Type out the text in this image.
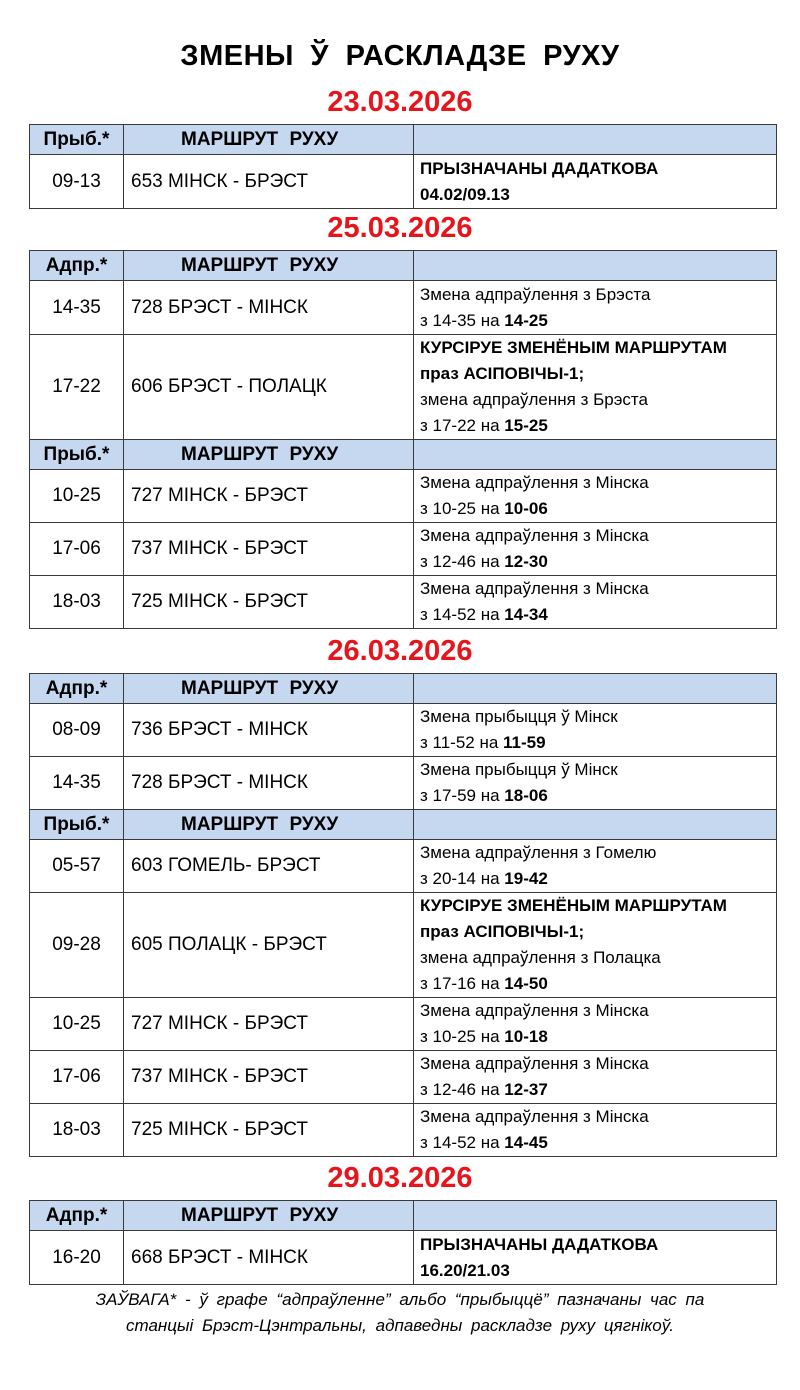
ЗМЕНЫ Ў РАСКЛАДЗЕ РУХУ
23.03.2026
Прыб.*	МАРШРУТ РУХУ	
09-13	653 МІНСК - БРЭСТ	ПРЫЗНАЧАНЫ ДАДАТКОВА
04.02/09.13
25.03.2026
Адпр.*	МАРШРУТ РУХУ	
14-35	728 БРЭСТ - МІНСК	Змена адпраўлення з Брэста
з 14-35 на 14-25

17-22	606 БРЭСТ - ПОЛАЦК	КУРСІРУЕ ЗМЕНЁНЫМ МАРШРУТАМ
праз АСІПОВІЧЫ-1;
змена адпраўлення з Брэста
з 17-22 на 15-25

Прыб.*	МАРШРУТ РУХУ	
10-25	727 МІНСК - БРЭСТ	Змена адпраўлення з Мінска
з 10-25 на 10-06

17-06	737 МІНСК - БРЭСТ	Змена адпраўлення з Мінска
з 12-46 на 12-30

18-03	725 МІНСК - БРЭСТ	Змена адпраўлення з Мінска
з 14-52 на 14-34
26.03.2026
Адпр.*	МАРШРУТ РУХУ	
08-09	736 БРЭСТ - МІНСК	Змена прыбыцця ў Мінск
з 11-52 на 11-59

14-35	728 БРЭСТ - МІНСК	Змена прыбыцця ў Мінск
з 17-59 на 18-06

Прыб.*	МАРШРУТ РУХУ	
05-57	603 ГОМЕЛЬ- БРЭСТ	Змена адпраўлення з Гомелю
з 20-14 на 19-42

09-28	605 ПОЛАЦК - БРЭСТ	КУРСІРУЕ ЗМЕНЁНЫМ МАРШРУТАМ
праз АСІПОВІЧЫ-1;
змена адпраўлення з Полацка
з 17-16 на 14-50

10-25	727 МІНСК - БРЭСТ	Змена адпраўлення з Мінска
з 10-25 на 10-18

17-06	737 МІНСК - БРЭСТ	Змена адпраўлення з Мінска
з 12-46 на 12-37

18-03	725 МІНСК - БРЭСТ	Змена адпраўлення з Мінска
з 14-52 на 14-45
29.03.2026
Адпр.*	МАРШРУТ РУХУ	
16-20	668 БРЭСТ - МІНСК	ПРЫЗНАЧАНЫ ДАДАТКОВА
16.20/21.03
ЗАЎВАГА* - ў графе “адпраўленне” альбо “прыбыццё” пазначаны час па
станцыі Брэст-Цэнтральны, адпаведны раскладзе руху цягнікоў.
